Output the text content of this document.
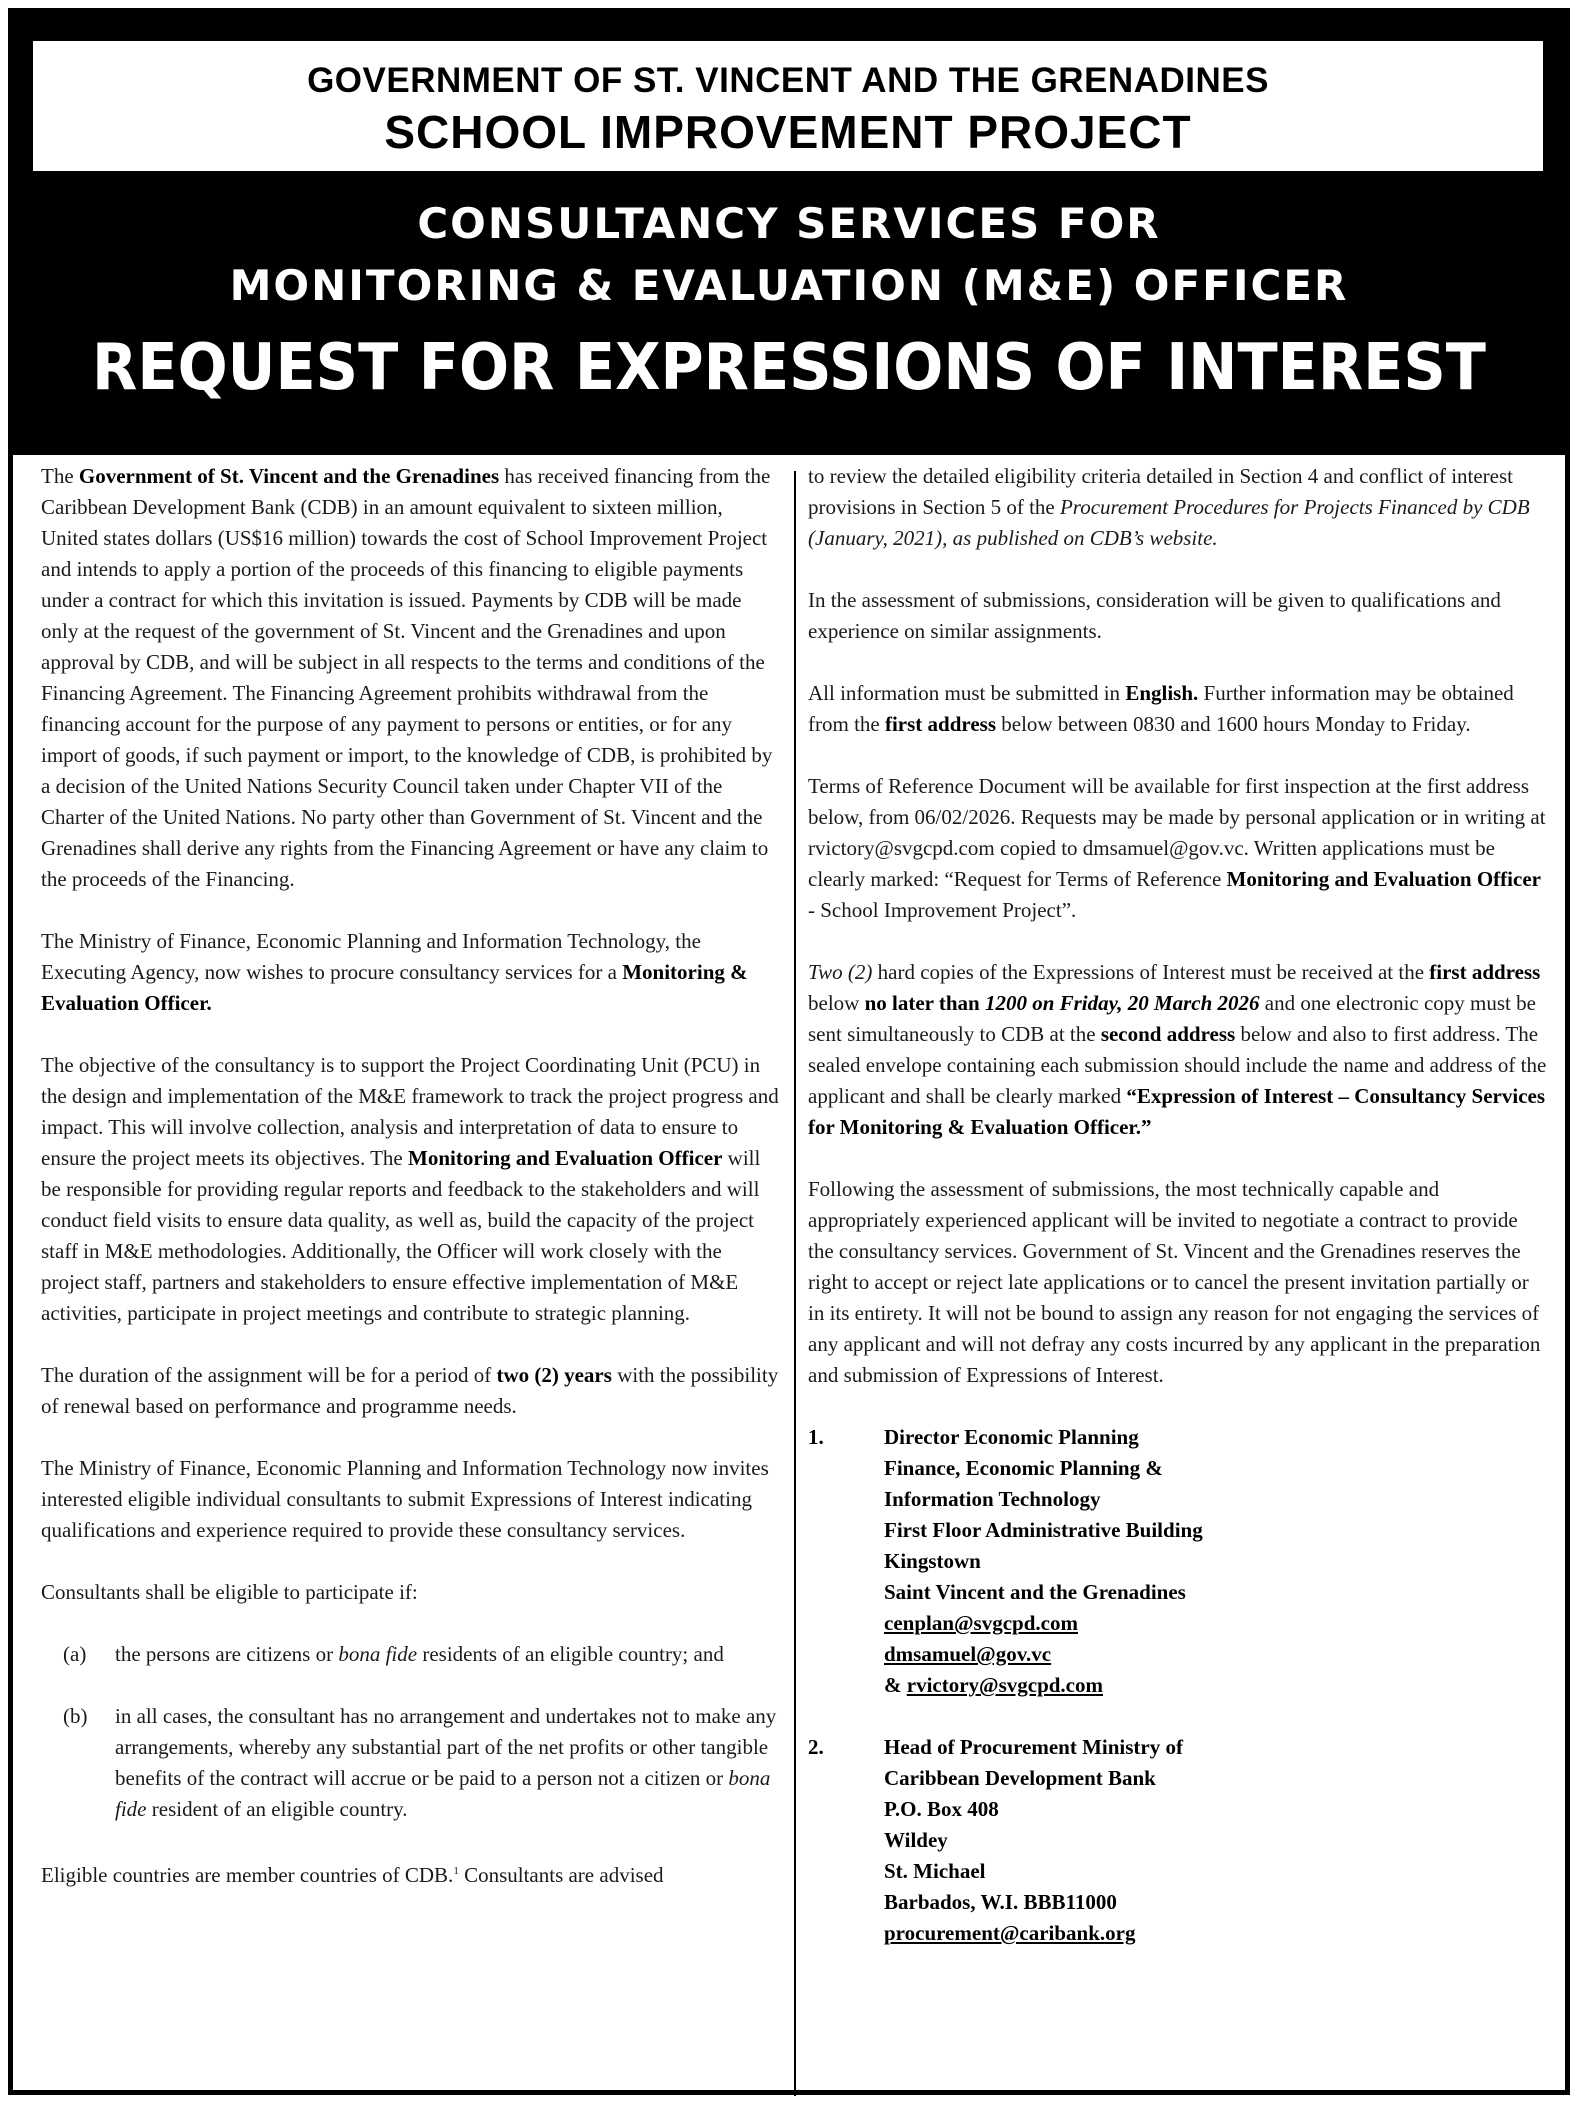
GOVERNMENT OF ST. VINCENT AND THE GRENADINES
SCHOOL IMPROVEMENT PROJECT
CONSULTANCY SERVICES FOR
MONITORING & EVALUATION (M&E) OFFICER
REQUEST FOR EXPRESSIONS OF INTEREST

The Government of St. Vincent and the Grenadines has received financing from the Caribbean Development Bank (CDB) in an amount equivalent to sixteen million, United states dollars (US$16 million) towards the cost of School Improvement Project and intends to apply a portion of the proceeds of this financing to eligible payments under a contract for which this invitation is issued. Payments by CDB will be made only at the request of the government of St. Vincent and the Grenadines and upon approval by CDB, and will be subject in all respects to the terms and conditions of the Financing Agreement. The Financing Agreement prohibits withdrawal from the financing account for the purpose of any payment to persons or entities, or for any import of goods, if such payment or import, to the knowledge of CDB, is prohibited by a decision of the United Nations Security Council taken under Chapter VII of the Charter of the United Nations. No party other than Government of St. Vincent and the Grenadines shall derive any rights from the Financing Agreement or have any claim to the proceeds of the Financing.

The Ministry of Finance, Economic Planning and Information Technology, the Executing Agency, now wishes to procure consultancy services for a Monitoring & Evaluation Officer.

The objective of the consultancy is to support the Project Coordinating Unit (PCU) in the design and implementation of the M&E framework to track the project progress and impact. This will involve collection, analysis and interpretation of data to ensure to ensure the project meets its objectives. The Monitoring and Evaluation Officer will be responsible for providing regular reports and feedback to the stakeholders and will conduct field visits to ensure data quality, as well as, build the capacity of the project staff in M&E methodologies. Additionally, the Officer will work closely with the project staff, partners and stakeholders to ensure effective implementation of M&E activities, participate in project meetings and contribute to strategic planning.

The duration of the assignment will be for a period of two (2) years with the possibility of renewal based on performance and programme needs.

The Ministry of Finance, Economic Planning and Information Technology now invites interested eligible individual consultants to submit Expressions of Interest indicating qualifications and experience required to provide these consultancy services.

Consultants shall be eligible to participate if:

(a)	the persons are citizens or bona fide residents of an eligible country; and
(b)	in all cases, the consultant has no arrangement and undertakes not to make any arrangements, whereby any substantial part of the net profits or other tangible benefits of the contract will accrue or be paid to a person not a citizen or bona fide resident of an eligible country.

Eligible countries are member countries of CDB.$^1$ Consultants are advised

to review the detailed eligibility criteria detailed in Section 4 and conflict of interest provisions in Section 5 of the Procurement Procedures for Projects Financed by CDB (January, 2021), as published on CDB’s website.

In the assessment of submissions, consideration will be given to qualifications and experience on similar assignments.

All information must be submitted in English. Further information may be obtained from the first address below between 0830 and 1600 hours Monday to Friday.

Terms of Reference Document will be available for first inspection at the first address below, from 06/02/2026. Requests may be made by personal application or in writing at rvictory@svgcpd.com copied to dmsamuel@gov.vc. Written applications must be clearly marked: “Request for Terms of Reference Monitoring and Evaluation Officer - School Improvement Project”.

Two (2) hard copies of the Expressions of Interest must be received at the first address below no later than 1200 on Friday, 20 March 2026 and one electronic copy must be sent simultaneously to CDB at the second address below and also to first address. The sealed envelope containing each submission should include the name and address of the applicant and shall be clearly marked “Expression of Interest – Consultancy Services for Monitoring & Evaluation Officer.”

Following the assessment of submissions, the most technically capable and appropriately experienced applicant will be invited to negotiate a contract to provide the consultancy services. Government of St. Vincent and the Grenadines reserves the right to accept or reject late applications or to cancel the present invitation partially or in its entirety. It will not be bound to assign any reason for not engaging the services of any applicant and will not defray any costs incurred by any applicant in the preparation and submission of Expressions of Interest.

1.	Director Economic Planning
Finance, Economic Planning &
Information Technology
First Floor Administrative Building
Kingstown
Saint Vincent and the Grenadines
cenplan@svgcpd.com
dmsamuel@gov.vc
& rvictory@svgcpd.com
2.	Head of Procurement Ministry of
Caribbean Development Bank
P.O. Box 408
Wildey
St. Michael
Barbados, W.I. BBB11000
procurement@caribank.org
